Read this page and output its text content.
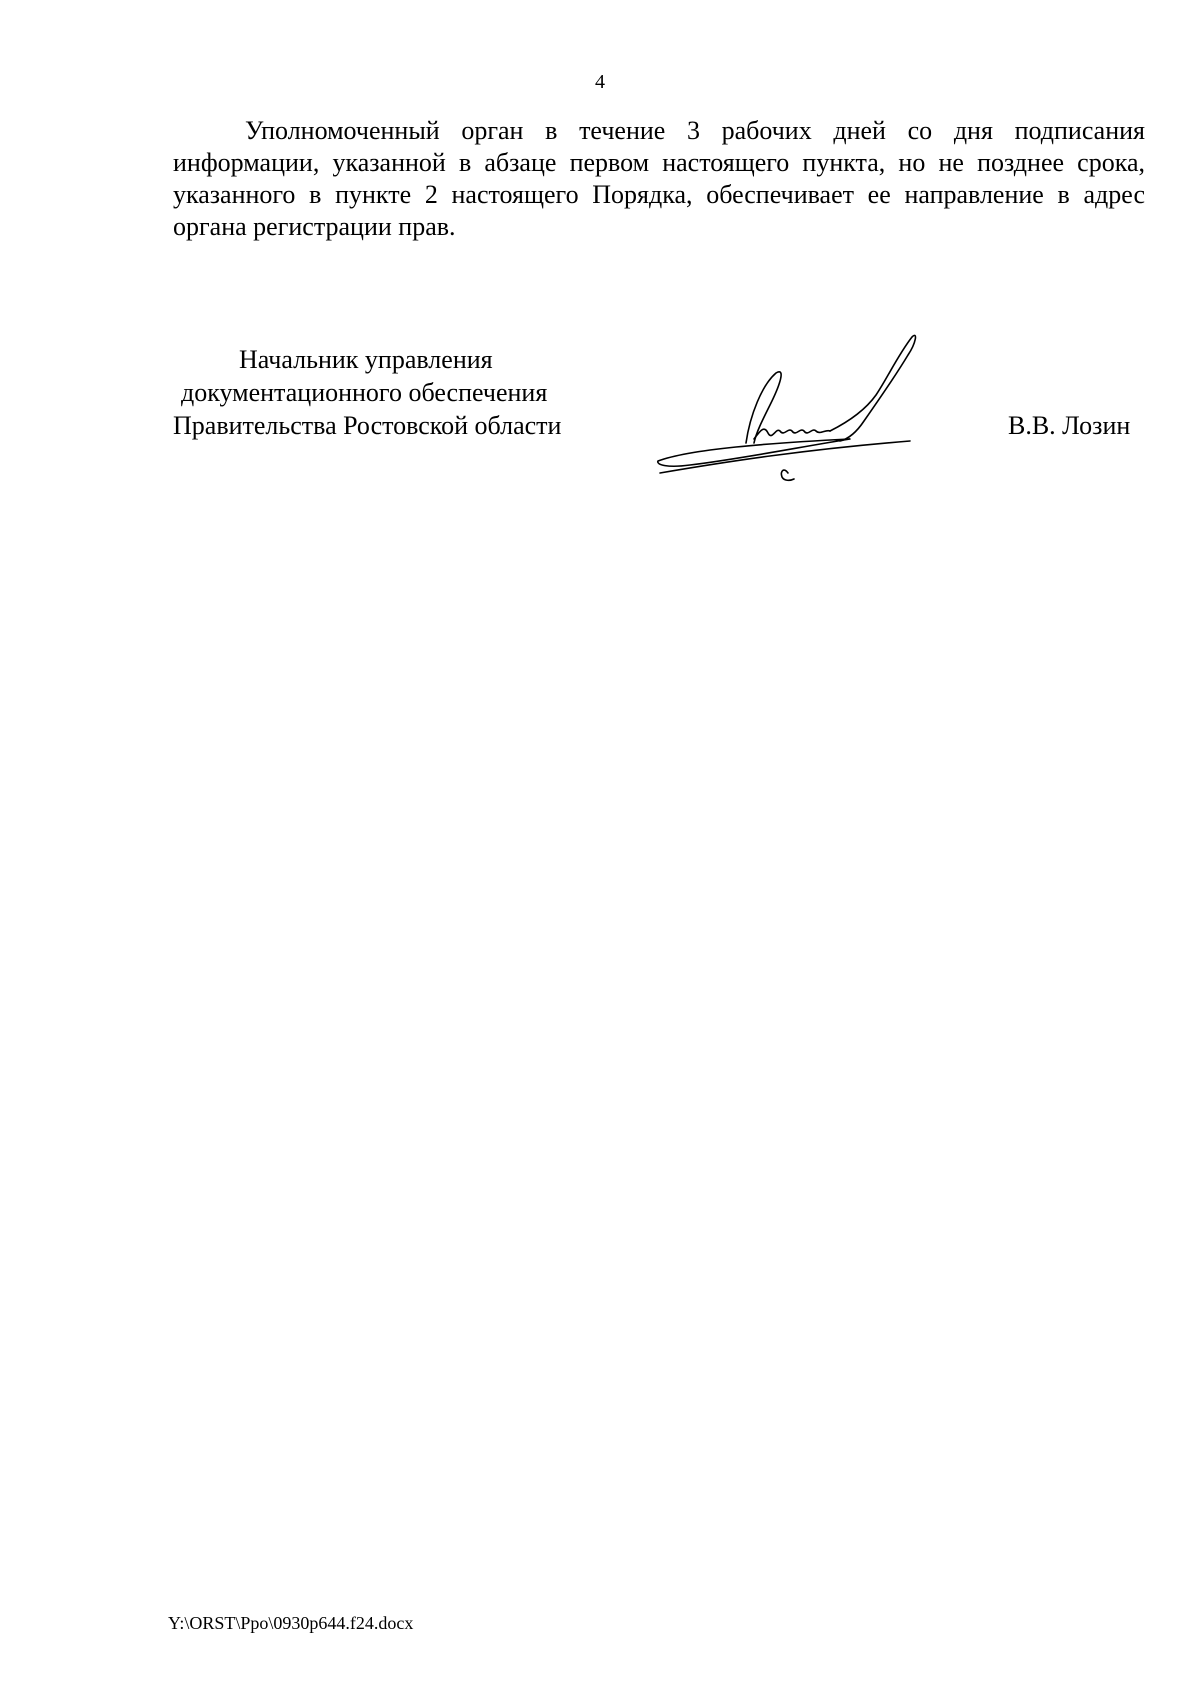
4

Уполномоченный орган в течение 3 рабочих дней со дня подписания информации, указанной в абзаце первом настоящего пункта, но не позднее срока, указанного в пункте 2 настоящего Порядка, обеспечивает ее направление в адрес органа регистрации прав.

Начальник управления
документационного обеспечения
Правительства Ростовской области	В.В. Лозин
Y:\ORST\Ppo\0930p644.f24.docx
